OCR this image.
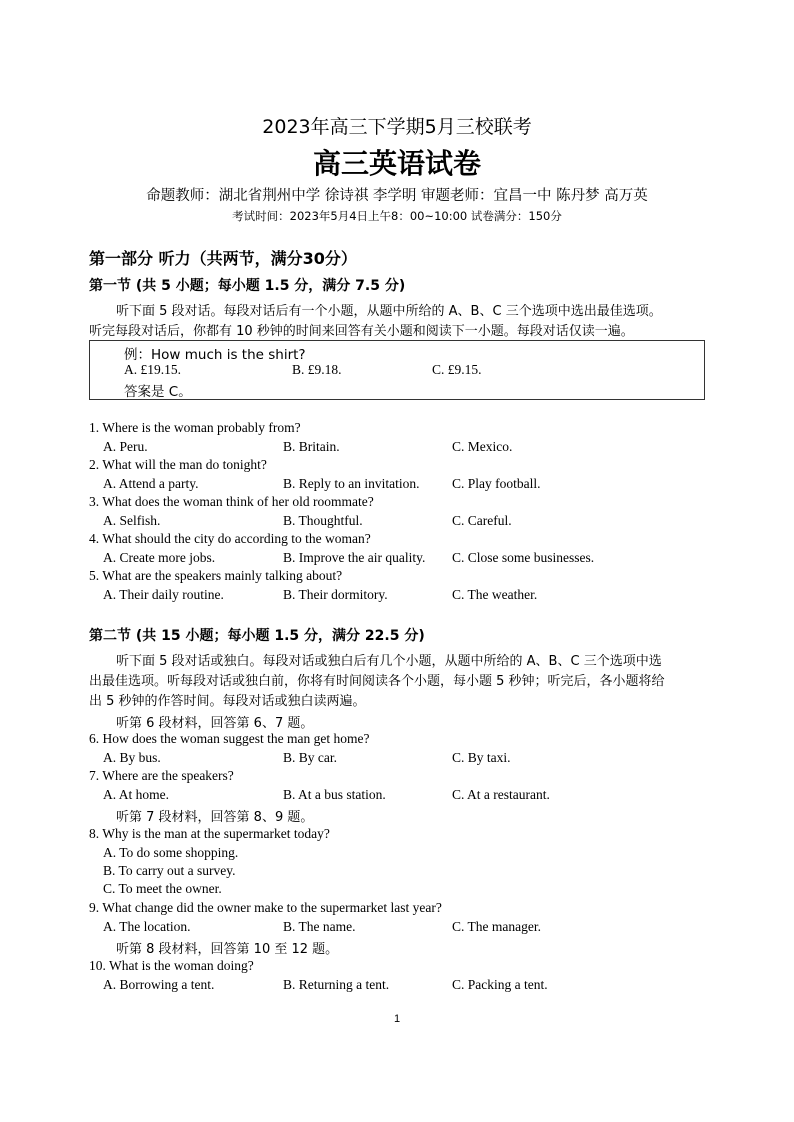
2023年高三下学期5月三校联考
高三英语试卷
命题教师：湖北省荆州中学 徐诗祺 李学明 审题老师：宜昌一中 陈丹梦 高万英
考试时间：2023年5月4日上午8：00~10:00 试卷满分：150分
第一部分 听力（共两节，满分30分）
第一节 (共 5 小题；每小题 1.5 分，满分 7.5 分)
听下面 5 段对话。每段对话后有一个小题，从题中所给的 A、B、C 三个选项中选出最佳选项。
听完每段对话后，你都有 10 秒钟的时间来回答有关小题和阅读下一小题。每段对话仅读一遍。
例：How much is the shirt?
A. £19.15.	B. £9.18.	C. £9.15.
答案是 C。
1. Where is the woman probably from?
A. Peru.	B. Britain.	C. Mexico.
2. What will the man do tonight?
A. Attend a party.	B. Reply to an invitation. C. Play football.
3. What does the woman think of her old roommate?
A. Selfish.	B. Thoughtful.	C. Careful.
4. What should the city do according to the woman?
A. Create more jobs.	B. Improve the air quality. C. Close some businesses.
5. What are the speakers mainly talking about?
A. Their daily routine.	B. Their dormitory.	C. The weather.
第二节 (共 15 小题；每小题 1.5 分，满分 22.5 分)
听下面 5 段对话或独白。每段对话或独白后有几个小题，从题中所给的 A、B、C 三个选项中选
出最佳选项。听每段对话或独白前，你将有时间阅读各个小题，每小题 5 秒钟；听完后，各小题将给
出 5 秒钟的作答时间。每段对话或独白读两遍。
听第 6 段材料，回答第 6、7 题。
6. How does the woman suggest the man get home?
A. By bus.	B. By car.	C. By taxi.
7. Where are the speakers?
A. At home.	B. At a bus station.	C. At a restaurant.
听第 7 段材料，回答第 8、9 题。
8. Why is the man at the supermarket today?
A. To do some shopping.
B. To carry out a survey.
C. To meet the owner.
9. What change did the owner make to the supermarket last year?
A. The location.	B. The name.	C. The manager.
听第 8 段材料，回答第 10 至 12 题。
10. What is the woman doing?
A. Borrowing a tent.	B. Returning a tent.	C. Packing a tent.
1
